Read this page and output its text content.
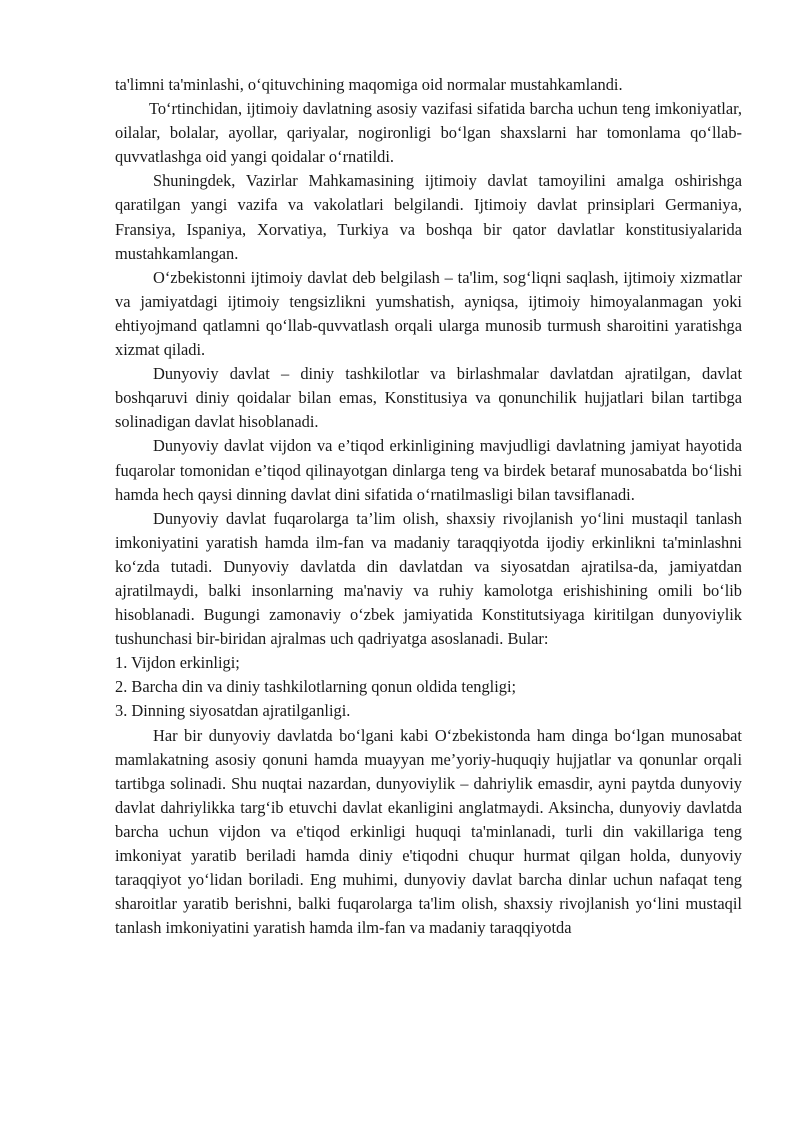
ta'limni ta'minlashi, o‘qituvchining maqomiga oid normalar mustahkamlandi.

To‘rtinchidan, ijtimoiy davlatning asosiy vazifasi sifatida barcha uchun teng imkoniyatlar, oilalar, bolalar, ayollar, qariyalar, nogironligi bo‘lgan shaxslarni har tomonlama qo‘llab-quvvatlashga oid yangi qoidalar o‘rnatildi.

Shuningdek, Vazirlar Mahkamasining ijtimoiy davlat tamoyilini amalga oshirishga qaratilgan yangi vazifa va vakolatlari belgilandi. Ijtimoiy davlat prinsiplari Germaniya, Fransiya, Ispaniya, Xorvatiya, Turkiya va boshqa bir qator davlatlar konstitusiyalarida mustahkamlangan.

O‘zbekistonni ijtimoiy davlat deb belgilash – ta'lim, sog‘liqni saqlash, ijtimoiy xizmatlar va jamiyatdagi ijtimoiy tengsizlikni yumshatish, ayniqsa, ijtimoiy himoyalanmagan yoki ehtiyojmand qatlamni qo‘llab-quvvatlash orqali ularga munosib turmush sharoitini yaratishga xizmat qiladi.

Dunyoviy davlat – diniy tashkilotlar va birlashmalar davlatdan ajratilgan, davlat boshqaruvi diniy qoidalar bilan emas, Konstitusiya va qonunchilik hujjatlari bilan tartibga solinadigan davlat hisoblanadi.

Dunyoviy davlat vijdon va e’tiqod erkinligining mavjudligi davlatning jamiyat hayotida fuqarolar tomonidan e’tiqod qilinayotgan dinlarga teng va birdek betaraf munosabatda bo‘lishi hamda hech qaysi dinning davlat dini sifatida o‘rnatilmasligi bilan tavsiflanadi.

Dunyoviy davlat fuqarolarga ta’lim olish, shaxsiy rivojlanish yo‘lini mustaqil tanlash imkoniyatini yaratish hamda ilm-fan va madaniy taraqqiyotda ijodiy erkinlikni ta'minlashni ko‘zda tutadi. Dunyoviy davlatda din davlatdan va siyosatdan ajratilsa-da, jamiyatdan ajratilmaydi, balki insonlarning ma'naviy va ruhiy kamolotga erishishining omili bo‘lib hisoblanadi. Bugungi zamonaviy o‘zbek jamiyatida Konstitutsiyaga kiritilgan dunyoviylik tushunchasi bir-biridan ajralmas uch qadriyatga asoslanadi. Bular:

1. Vijdon erkinligi;

2. Barcha din va diniy tashkilotlarning qonun oldida tengligi;

3. Dinning siyosatdan ajratilganligi.

Har bir dunyoviy davlatda bo‘lgani kabi O‘zbekistonda ham dinga bo‘lgan munosabat mamlakatning asosiy qonuni hamda muayyan me’yoriy-huquqiy hujjatlar va qonunlar orqali tartibga solinadi. Shu nuqtai nazardan, dunyoviylik – dahriylik emasdir, ayni paytda dunyoviy davlat dahriylikka targ‘ib etuvchi davlat ekanligini anglatmaydi. Aksincha, dunyoviy davlatda barcha uchun vijdon va e'tiqod erkinligi huquqi ta'minlanadi, turli din vakillariga teng imkoniyat yaratib beriladi hamda diniy e'tiqodni chuqur hurmat qilgan holda, dunyoviy taraqqiyot yo‘lidan boriladi. Eng muhimi, dunyoviy davlat barcha dinlar uchun nafaqat teng sharoitlar yaratib berishni, balki fuqarolarga ta'lim olish, shaxsiy rivojlanish yo‘lini mustaqil tanlash imkoniyatini yaratish hamda ilm-fan va madaniy taraqqiyotda
